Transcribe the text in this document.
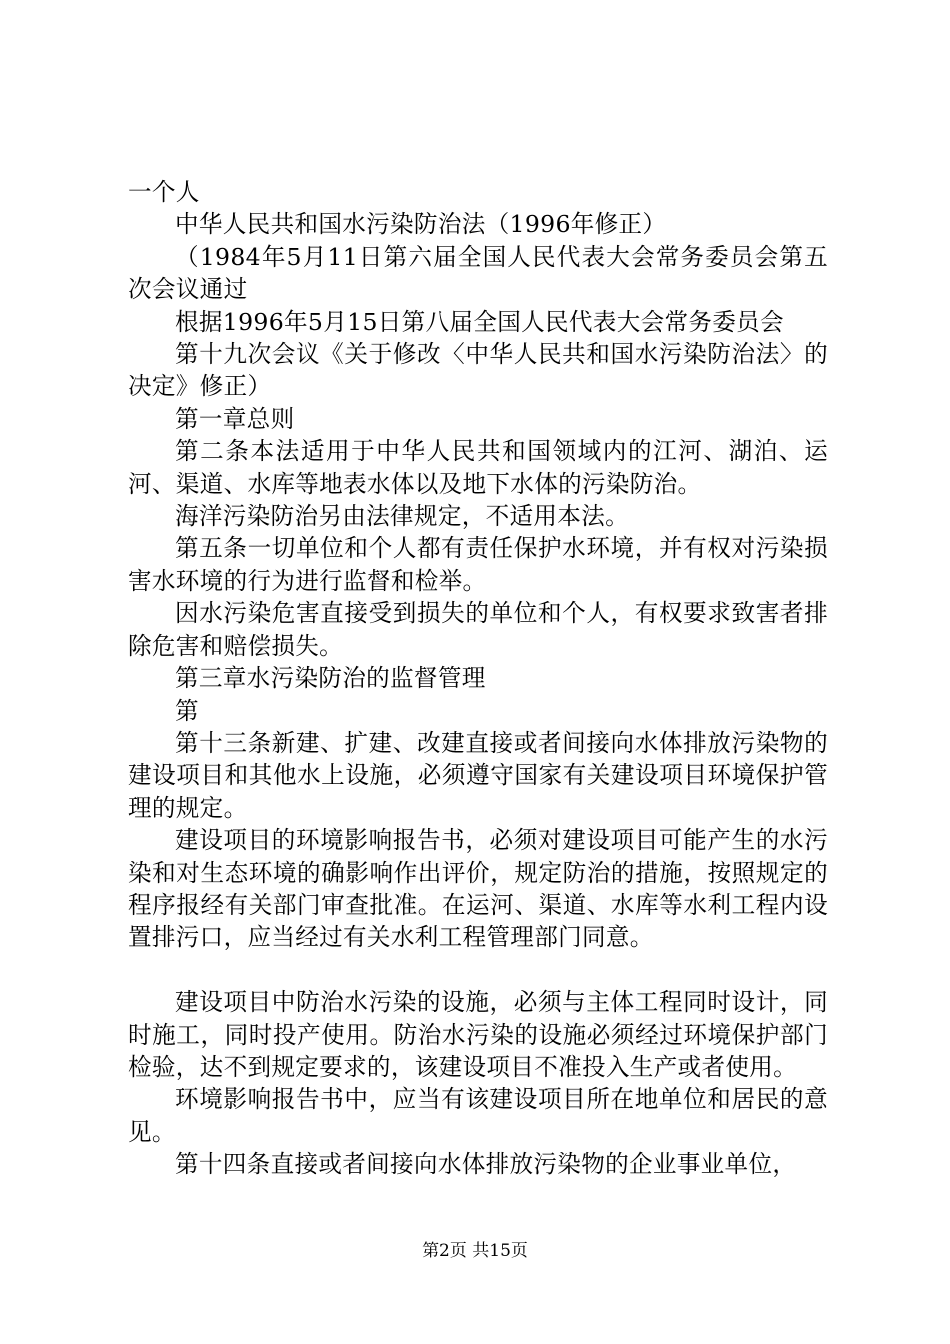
一个人

中华人民共和国水污染防治法（1996年修正）

（1984年5月11日第六届全国人民代表大会常务委员会第五次会议通过

根据1996年5月15日第八届全国人民代表大会常务委员会

第十九次会议《关于修改〈中华人民共和国水污染防治法〉的决定》修正）

第一章总则

第二条本法适用于中华人民共和国领域内的江河、湖泊、运河、渠道、水库等地表水体以及地下水体的污染防治。

海洋污染防治另由法律规定，不适用本法。

第五条一切单位和个人都有责任保护水环境，并有权对污染损害水环境的行为进行监督和检举。

因水污染危害直接受到损失的单位和个人，有权要求致害者排除危害和赔偿损失。

第三章水污染防治的监督管理

第

第十三条新建、扩建、改建直接或者间接向水体排放污染物的建设项目和其他水上设施，必须遵守国家有关建设项目环境保护管理的规定。

建设项目的环境影响报告书，必须对建设项目可能产生的水污染和对生态环境的确影响作出评价，规定防治的措施，按照规定的程序报经有关部门审查批准。在运河、渠道、水库等水利工程内设置排污口，应当经过有关水利工程管理部门同意。

建设项目中防治水污染的设施，必须与主体工程同时设计，同时施工，同时投产使用。防治水污染的设施必须经过环境保护部门检验，达不到规定要求的，该建设项目不准投入生产或者使用。

环境影响报告书中，应当有该建设项目所在地单位和居民的意见。

第十四条直接或者间接向水体排放污染物的企业事业单位，

第2页 共15页
